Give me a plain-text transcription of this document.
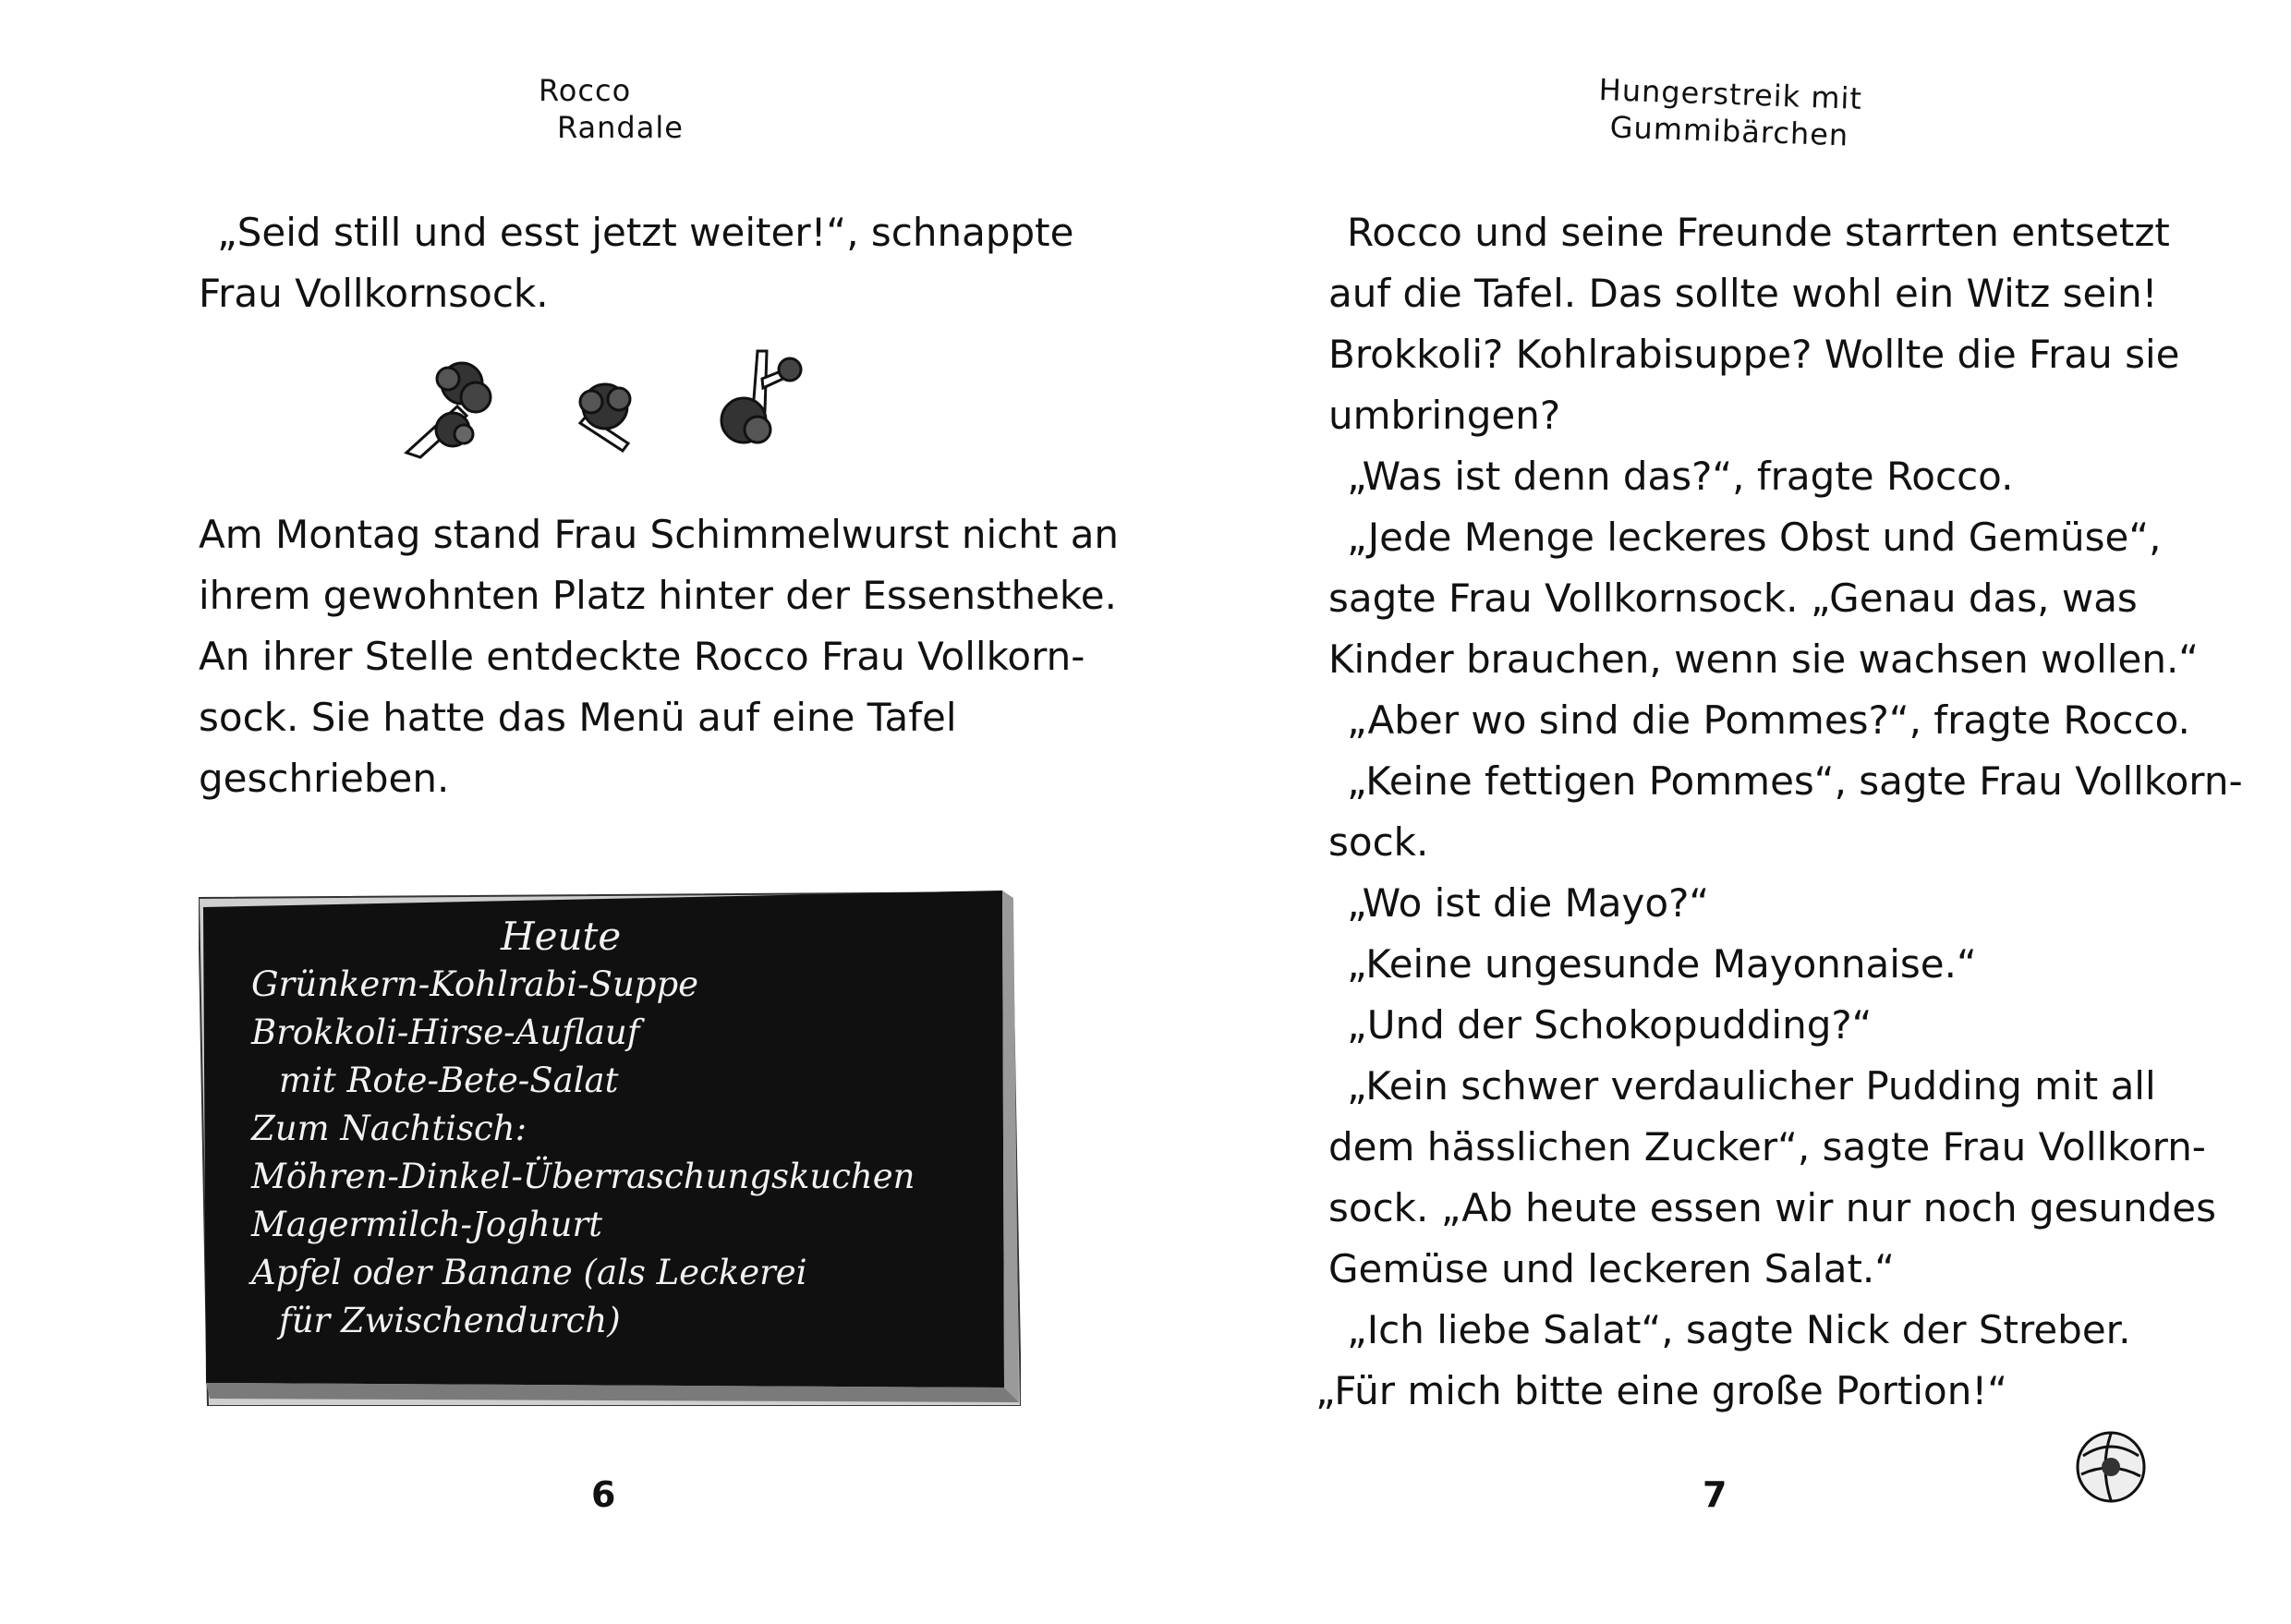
Rocco
Randale

„Seid still und esst jetzt weiter!“, schnappte

Frau Vollkornsock.

Am Montag stand Frau Schimmelwurst nicht an

ihrem gewohnten Platz hinter der Essenstheke.

An ihrer Stelle entdeckte Rocco Frau Vollkorn-

sock. Sie hatte das Menü auf eine Tafel

geschrieben.

Heute

Grünkern-Kohlrabi-Suppe

Brokkoli-Hirse-Auflauf

mit Rote-Bete-Salat

Zum Nachtisch:

Möhren-Dinkel-Überraschungskuchen

Magermilch-Joghurt

Apfel oder Banane (als Leckerei

für Zwischendurch)

6
Hungerstreik mit
Gummibärchen

Rocco und seine Freunde starrten entsetzt

auf die Tafel. Das sollte wohl ein Witz sein!

Brokkoli? Kohlrabisuppe? Wollte die Frau sie

umbringen?

„Was ist denn das?“, fragte Rocco.

„Jede Menge leckeres Obst und Gemüse“,

sagte Frau Vollkornsock. „Genau das, was

Kinder brauchen, wenn sie wachsen wollen.“

„Aber wo sind die Pommes?“, fragte Rocco.

„Keine fettigen Pommes“, sagte Frau Vollkorn-

sock.

„Wo ist die Mayo?“

„Keine ungesunde Mayonnaise.“

„Und der Schokopudding?“

„Kein schwer verdaulicher Pudding mit all

dem hässlichen Zucker“, sagte Frau Vollkorn-

sock. „Ab heute essen wir nur noch gesundes

Gemüse und leckeren Salat.“

„Ich liebe Salat“, sagte Nick der Streber.

„Für mich bitte eine große Portion!“

7
